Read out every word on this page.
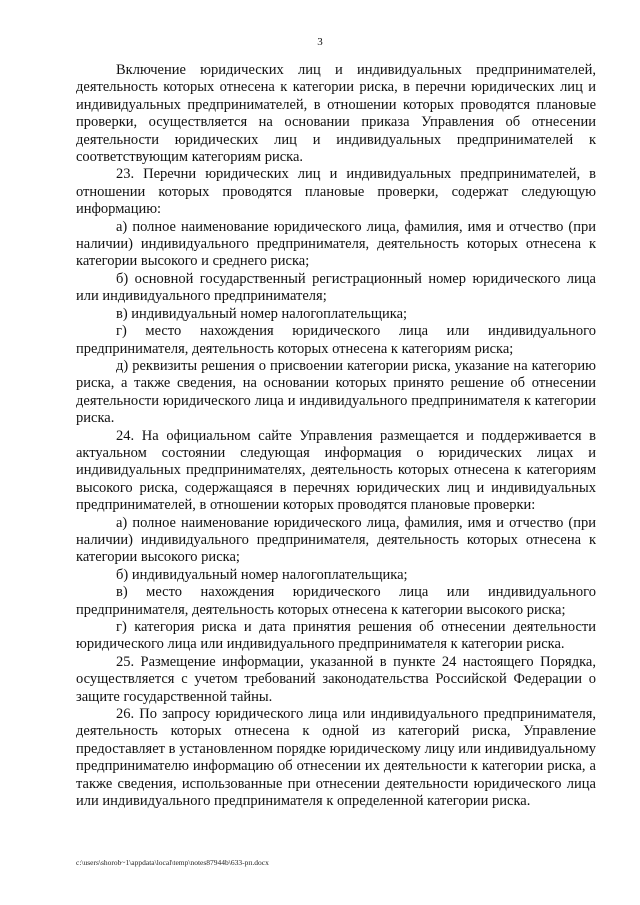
3

Включение юридических лиц и индивидуальных предпринимателей, деятельность которых отнесена к категории риска, в перечни юридических лиц и индивидуальных предпринимателей, в отношении которых проводятся плановые проверки, осуществляется на основании приказа Управления об отнесении деятельности юридических лиц и индивидуальных предпринимателей к соответствующим категориям риска.

23. Перечни юридических лиц и индивидуальных предпринимателей, в отношении которых проводятся плановые проверки, содержат следующую информацию:

а) полное наименование юридического лица, фамилия, имя и отчество (при наличии) индивидуального предпринимателя, деятельность которых отнесена к категории высокого и среднего риска;

б) основной государственный регистрационный номер юридического лица или индивидуального предпринимателя;

в) индивидуальный номер налогоплательщика;

г) место нахождения юридического лица или индивидуального предпринимателя, деятельность которых отнесена к категориям риска;

д) реквизиты решения о присвоении категории риска, указание на категорию риска, а также сведения, на основании которых принято решение об отнесении деятельности юридического лица и индивидуального предпринимателя к категории риска.

24. На официальном сайте Управления размещается и поддерживается в актуальном состоянии следующая информация о юридических лицах и индивидуальных предпринимателях, деятельность которых отнесена к категориям высокого риска, содержащаяся в перечнях юридических лиц и индивидуальных предпринимателей, в отношении которых проводятся плановые проверки:

а) полное наименование юридического лица, фамилия, имя и отчество (при наличии) индивидуального предпринимателя, деятельность которых отнесена к категории высокого риска;

б) индивидуальный номер налогоплательщика;

в) место нахождения юридического лица или индивидуального предпринимателя, деятельность которых отнесена к категории высокого риска;

г) категория риска и дата принятия решения об отнесении деятельности юридического лица или индивидуального предпринимателя к категории риска.

25. Размещение информации, указанной в пункте 24 настоящего Порядка, осуществляется с учетом требований законодательства Российской Федерации о защите государственной тайны.

26. По запросу юридического лица или индивидуального предпринимателя, деятельность которых отнесена к одной из категорий риска, Управление предоставляет в установленном порядке юридическому лицу или индивидуальному предпринимателю информацию об отнесении их деятельности к категории риска, а также сведения, использованные при отнесении деятельности юридического лица или индивидуального предпринимателя к определенной категории риска.

c:\users\shorob~1\appdata\local\temp\notes87944b\633-рп.docx
